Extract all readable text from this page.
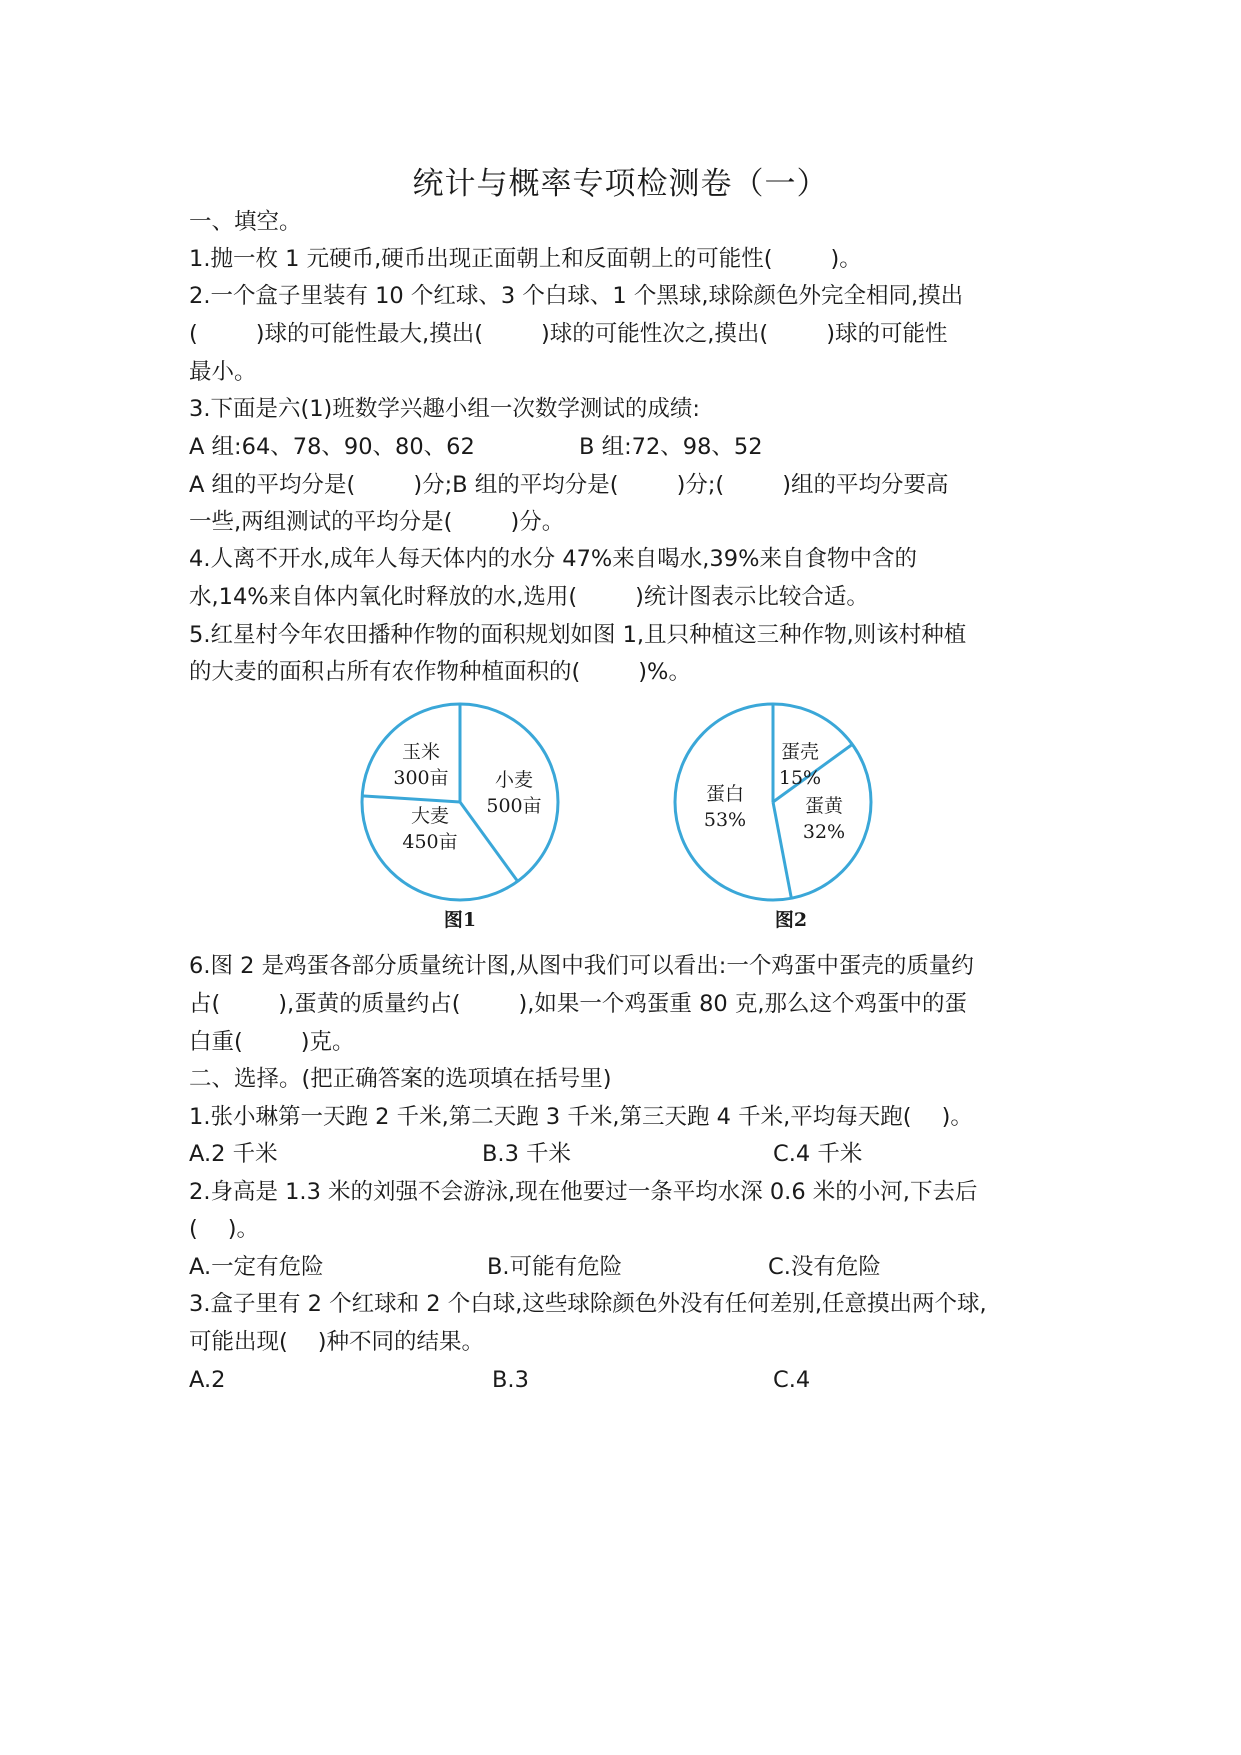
统计与概率专项检测卷（一）
一、填空。
1.抛一枚 1 元硬币,硬币出现正面朝上和反面朝上的可能性(	)。
2.一个盒子里装有 10 个红球、3 个白球、1 个黑球,球除颜色外完全相同,摸出
(	)球的可能性最大,摸出(	)球的可能性次之,摸出(	)球的可能性
最小。
3.下面是六(1)班数学兴趣小组一次数学测试的成绩:
A 组:64、78、90、80、62	B 组:72、98、52
A 组的平均分是(	)分;B 组的平均分是(	)分;(	)组的平均分要高
一些,两组测试的平均分是(	)分。
4.人离不开水,成年人每天体内的水分 47%来自喝水,39%来自食物中含的
水,14%来自体内氧化时释放的水,选用(	)统计图表示比较合适。
5.红星村今年农田播种作物的面积规划如图 1,且只种植这三种作物,则该村种植
的大麦的面积占所有农作物种植面积的(	)%。
小麦
500亩
大麦
450亩
玉米
300亩
图1
蛋壳
15%
蛋黄
32%
蛋白
53%
图2
6.图 2 是鸡蛋各部分质量统计图,从图中我们可以看出:一个鸡蛋中蛋壳的质量约
占(	),蛋黄的质量约占(	),如果一个鸡蛋重 80 克,那么这个鸡蛋中的蛋
白重(	)克。
二、选择。(把正确答案的选项填在括号里)
1.张小琳第一天跑 2 千米,第二天跑 3 千米,第三天跑 4 千米,平均每天跑( )。
A.2 千米	B.3 千米	C.4 千米
2.身高是 1.3 米的刘强不会游泳,现在他要过一条平均水深 0.6 米的小河,下去后
( )。
A.一定有危险	B.可能有危险	C.没有危险
3.盒子里有 2 个红球和 2 个白球,这些球除颜色外没有任何差别,任意摸出两个球,
可能出现( )种不同的结果。
A.2	B.3	C.4
